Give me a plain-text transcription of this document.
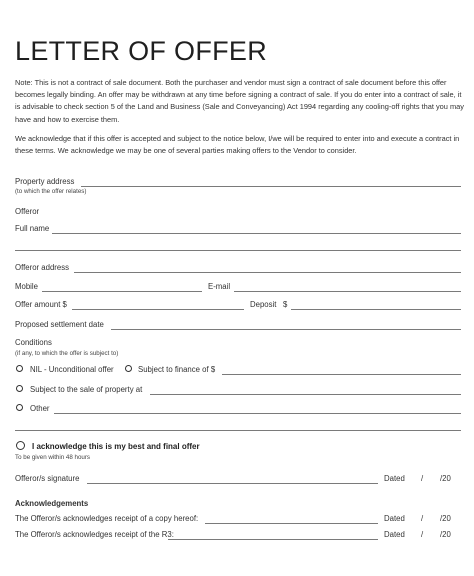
LETTER OF OFFER
Note: This is not a contract of sale document. Both the purchaser and vendor must sign a contract of sale document before this offer becomes legally binding. An offer may be withdrawn at any time before signing a contract of sale. If you do enter into a contract of sale, it is advisable to check section 5 of the Land and Business (Sale and Conveyancing) Act 1994 regarding any cooling-off rights that you may have and how to exercise them.
We acknowledge that if this offer is accepted and subject to the notice below, I/we will be required to enter into and execute a contract in these terms. We acknowledge we may be one of several parties making offers to the Vendor to consider.
Property address
(to which the offer relates)
Offeror
Full name
Offeror address
Mobile	E-mail
Offer amount $	Deposit $
Proposed settlement date
Conditions
(if any, to which the offer is subject to)
NIL - Unconditional offer	Subject to finance of $
Subject to the sale of property at
Other
I acknowledge this is my best and final offer
To be given within 48 hours
Offeror/s signature	Dated / /20
Acknowledgements
The Offeror/s acknowledges receipt of a copy hereof:	Dated / /20
The Offeror/s acknowledges receipt of the R3:	Dated / /20
